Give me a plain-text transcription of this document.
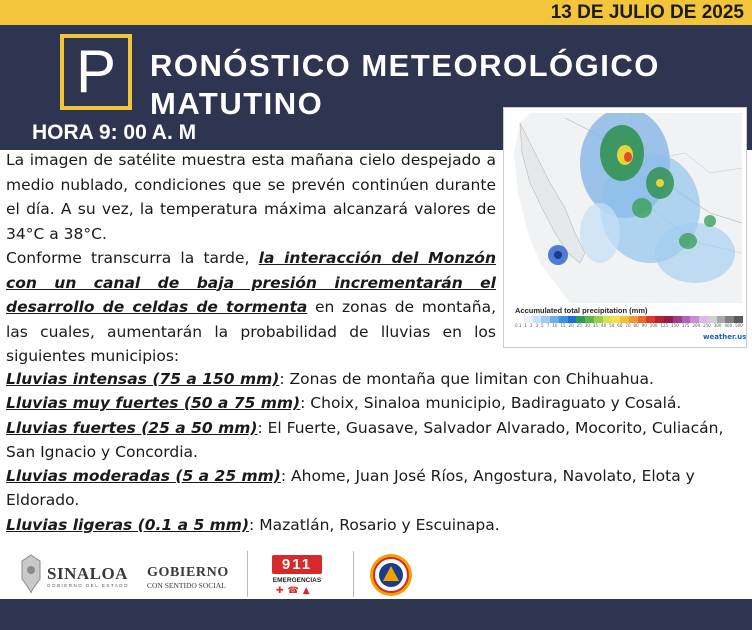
13 DE JULIO DE 2025
P	RONÓSTICO METEOROLÓGICO
MATUTINO
HORA 9: 00 A. M
Accumulated total precipitation (mm)
0.1 1 2 3 5 7 10 15 20 25 30 35 40 50 60 70 80 90 100 125 150 175 200 250 300 400 500
weather.us

La imagen de satélite muestra esta mañana cielo despejado a medio nublado, condiciones que se prevén continúen durante el día. A su vez, la temperatura máxima alcanzará valores de 34°C a 38°C.
Conforme transcurra la tarde, la interacción del Monzón con un canal de baja presión incrementarán el desarrollo de celdas de tormenta en zonas de montaña, las cuales, aumentarán la probabilidad de lluvias en los siguientes municipios:

Lluvias intensas (75 a 150 mm): Zonas de montaña que limitan con Chihuahua.

Lluvias muy fuertes (50 a 75 mm): Choix, Sinaloa municipio, Badiraguato y Cosalá.

Lluvias fuertes (25 a 50 mm): El Fuerte, Guasave, Salvador Alvarado, Mocorito, Culiacán, San Ignacio y Concordia.

Lluvias moderadas (5 a 25 mm): Ahome, Juan José Ríos, Angostura, Navolato, Elota y Eldorado.

Lluvias ligeras (0.1 a 5 mm): Mazatlán, Rosario y Escuinapa.

SINALOA
GOBIERNO DEL ESTADO
GOBIERNO
CON SENTIDO SOCIAL
911
EMERGENCIAS
✚☎▲
